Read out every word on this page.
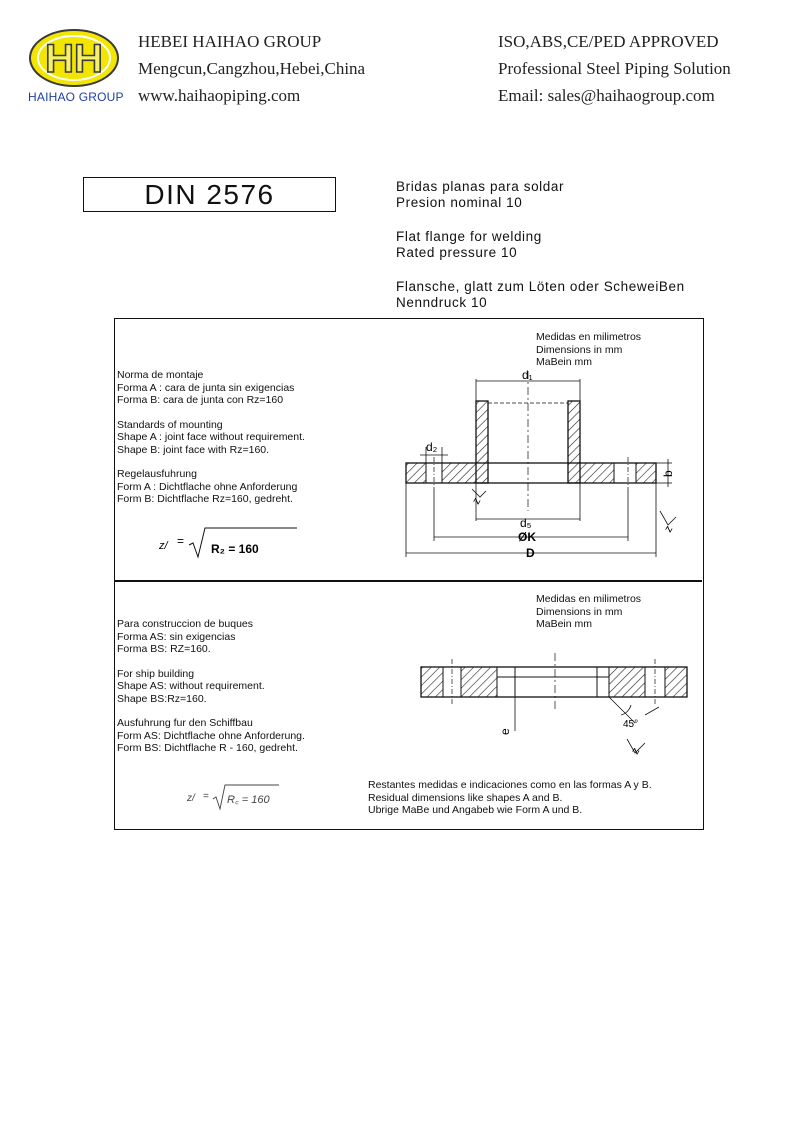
HH
HAIHAO GROUP
HEBEI HAIHAO GROUP
Mengcun,Cangzhou,Hebei,China
www.haihaopiping.com
ISO,ABS,CE/PED APPROVED
Professional Steel Piping Solution
Email: sales@haihaogroup.com
DIN 2576	Bridas planas para soldar
Presion nominal 10
Flat flange for welding
Rated pressure 10
Flansche, glatt zum Löten oder ScheweiBen
Nenndruck 10
Medidas en milimetros
Dimensions in mm
MaBein mm
Norma de montaje
Forma A : cara de junta sin exigencias
Forma B: cara de junta con Rz=160
Standards of mounting
Shape A : joint face without requirement.
Shape B: joint face with Rz=160.
Regelausfuhrung
Form A : Dichtflache ohne Anforderung
Form B: Dichtflache Rz=160, gedreht.
z/ =
R₂ = 160
d₁
d₂
b
d₅
ØK
D
z
z
Medidas en milimetros
Dimensions in mm
MaBein mm
Para construccion de buques
Forma AS: sin exigencias
Forma BS: RZ=160.
For ship building
Shape AS: without requirement.
Shape BS:Rz=160.
Ausfuhrung fur den Schiffbau
Form AS: Dichtflache ohne Anforderung.
Form BS: Dichtflache R - 160, gedreht.
z/ = R꜀ = 160
e
45°
z
Restantes medidas e indicaciones como en las formas A y B.
Residual dimensions like shapes A and B.
Ubrige MaBe und Angabeb wie Form A und B.
